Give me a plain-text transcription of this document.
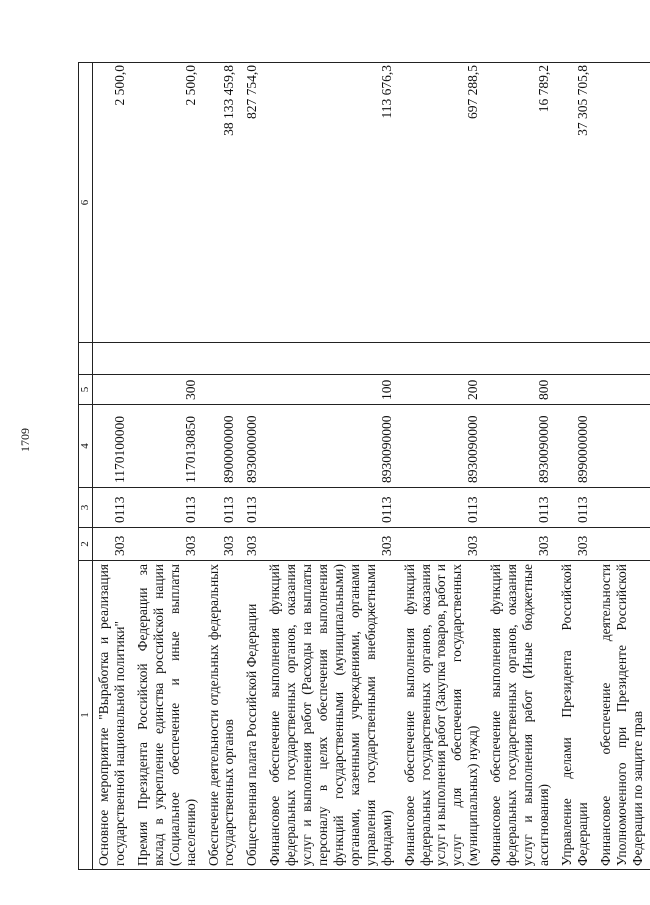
1709
1	2	3	4	5		6
Основное мероприятие "Выработка и реализация государственной национальной политики"	303	0113	1170100000			2 500,0
Премия Президента Российской Федерации за вклад в укрепление единства российской нации (Социальное обеспечение и иные выплаты населению)	303	0113	1170130850	300		2 500,0
Обеспечение деятельности отдельных федеральных государственных органов	303	0113	8900000000			38 133 459,8
Общественная палата Российской Федерации	303	0113	8930000000			827 754,0
Финансовое обеспечение выполнения функций федеральных государственных органов, оказания услуг и выполнения работ (Расходы на выплаты персоналу в целях обеспечения выполнения функций государственными (муниципальными) органами, казенными учреждениями, органами управления государственными внебюджетными фондами)	303	0113	8930090000	100		113 676,3
Финансовое обеспечение выполнения функций федеральных государственных органов, оказания услуг и выполнения работ (Закупка товаров, работ и услуг для обеспечения государственных (муниципальных) нужд)	303	0113	8930090000	200		697 288,5
Финансовое обеспечение выполнения функций федеральных государственных органов, оказания услуг и выполнения работ (Иные бюджетные ассигнования)	303	0113	8930090000	800		16 789,2
Управление делами Президента Российской Федерации	303	0113	8990000000			37 305 705,8
Финансовое обеспечение деятельности Уполномоченного при Президенте Российской Федерации по защите прав						
